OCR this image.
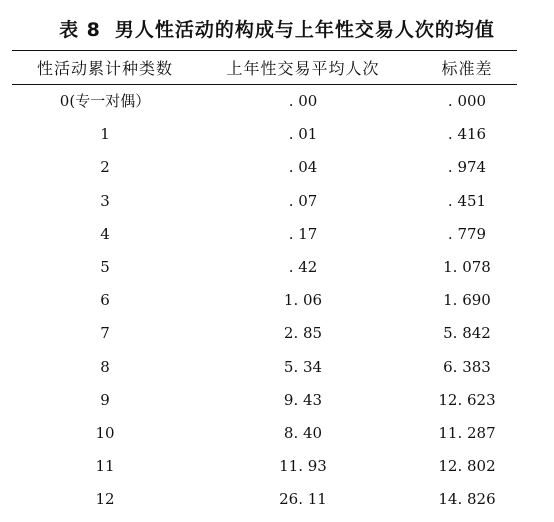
表 8 男人性活动的构成与上年性交易人次的均值
性活动累计种类数	上年性交易平均人次	标准差
0(专一对偶）	. 00	. 000
1	. 01	. 416
2	. 04	. 974
3	. 07	. 451
4	. 17	. 779
5	. 42	1. 078
6	1. 06	1. 690
7	2. 85	5. 842
8	5. 34	6. 383
9	9. 43	12. 623
10	8. 40	11. 287
11	11. 93	12. 802
12	26. 11	14. 826
